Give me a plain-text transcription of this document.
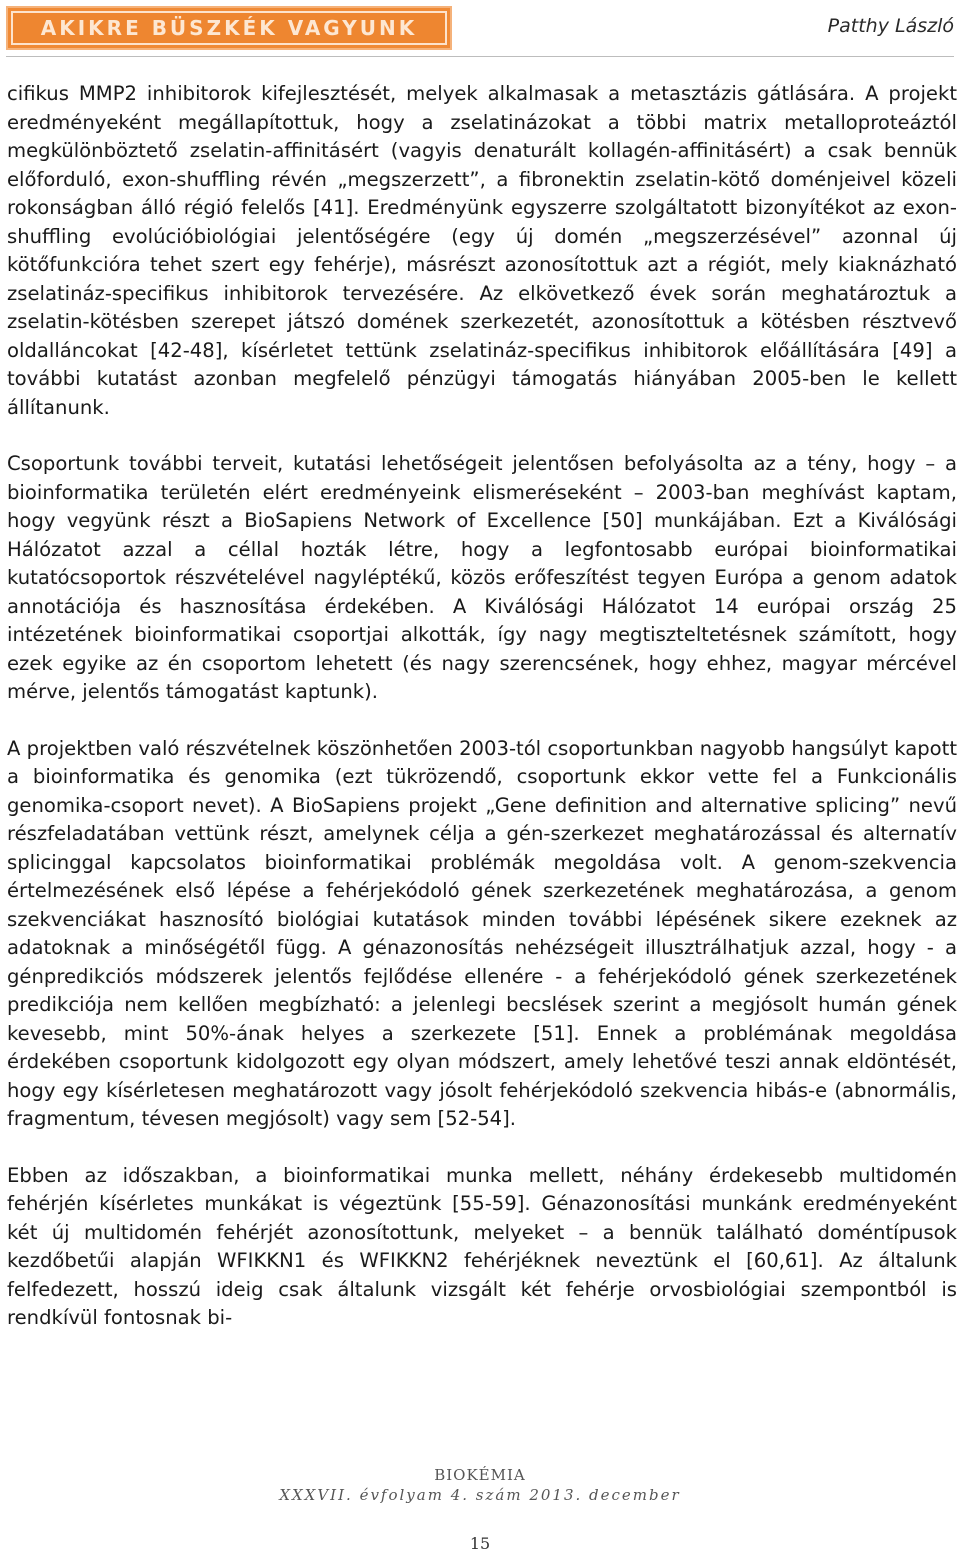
AKIKRE BÜSZKÉK VAGYUNK	Patthy László

cifikus MMP2 inhibitorok kifejlesztését, melyek alkalmasak a metasztázis gátlására. A projekt eredményeként megállapítottuk, hogy a zselatinázokat a többi matrix metalloproteáztól megkülönböztető zselatin-affinitásért (vagyis denaturált kollagén-affinitásért) a csak bennük előforduló, exon-shuffling révén „megszerzett”, a fibronektin zselatin-kötő doménjeivel közeli rokonságban álló régió felelős [41]. Eredményünk egyszerre szolgáltatott bizonyítékot az exon-shuffling evolúcióbiológiai jelentőségére (egy új domén „megszerzésével” azonnal új kötőfunkcióra tehet szert egy fehérje), másrészt azonosítottuk azt a régiót, mely kiaknázható zselatináz-specifikus inhibitorok tervezésére. Az elkövetkező évek során meghatároztuk a zselatin-kötésben szerepet játszó domének szerkezetét, azonosítottuk a kötésben résztvevő oldalláncokat [42-48], kísérletet tettünk zselatináz-specifikus inhibitorok előállítására [49] a további kutatást azonban megfelelő pénzügyi támogatás hiányában 2005-ben le kellett állítanunk.

Csoportunk további terveit, kutatási lehetőségeit jelentősen befolyásolta az a tény, hogy – a bioinformatika területén elért eredményeink elismeréseként – 2003-ban meghívást kaptam, hogy vegyünk részt a BioSapiens Network of Excellence [50] munkájában. Ezt a Kiválósági Hálózatot azzal a céllal hozták létre, hogy a legfontosabb európai bioinformatikai kutatócsoportok részvételével nagyléptékű, közös erőfeszítést tegyen Európa a genom adatok annotációja és hasznosítása érdekében. A Kiválósági Hálózatot 14 európai ország 25 intézetének bioinformatikai csoportjai alkották, így nagy megtiszteltetésnek számított, hogy ezek egyike az én csoportom lehetett (és nagy szerencsének, hogy ehhez, magyar mércével mérve, jelentős támogatást kaptunk).

A projektben való részvételnek köszönhetően 2003-tól csoportunkban nagyobb hangsúlyt kapott a bioinformatika és genomika (ezt tükrözendő, csoportunk ekkor vette fel a Funkcionális genomika-csoport nevet). A BioSapiens projekt „Gene definition and alternative splicing” nevű részfeladatában vettünk részt, amelynek célja a gén-szerkezet meghatározással és alternatív splicinggal kapcsolatos bioinformatikai problémák megoldása volt. A genom-szekvencia értelmezésének első lépése a fehérjekódoló gének szerkezetének meghatározása, a genom szekvenciákat hasznosító biológiai kutatások minden további lépésének sikere ezeknek az adatoknak a minőségétől függ. A génazonosítás nehézségeit illusztrálhatjuk azzal, hogy - a génpredikciós módszerek jelentős fejlődése ellenére - a fehérjekódoló gének szerkezetének predikciója nem kellően megbízható: a jelenlegi becslések szerint a megjósolt humán gének kevesebb, mint 50%-ának helyes a szerkezete [51]. Ennek a problémának megoldása érdekében csoportunk kidolgozott egy olyan módszert, amely lehetővé teszi annak eldöntését, hogy egy kísérletesen meghatározott vagy jósolt fehérjekódoló szekvencia hibás-e (abnormális, fragmentum, tévesen megjósolt) vagy sem [52-54].

Ebben az időszakban, a bioinformatikai munka mellett, néhány érdekesebb multidomén fehérjén kísérletes munkákat is végeztünk [55-59]. Génazonosítási munkánk eredményeként két új multidomén fehérjét azonosítottunk, melyeket – a bennük található doméntípusok kezdőbetűi alapján WFIKKN1 és WFIKKN2 fehérjéknek neveztünk el [60,61]. Az általunk felfedezett, hosszú ideig csak általunk vizsgált két fehérje orvosbiológiai szempontból is rendkívül fontosnak bi-

BIOKÉMIA
XXXVII. évfolyam 4. szám 2013. december
15
